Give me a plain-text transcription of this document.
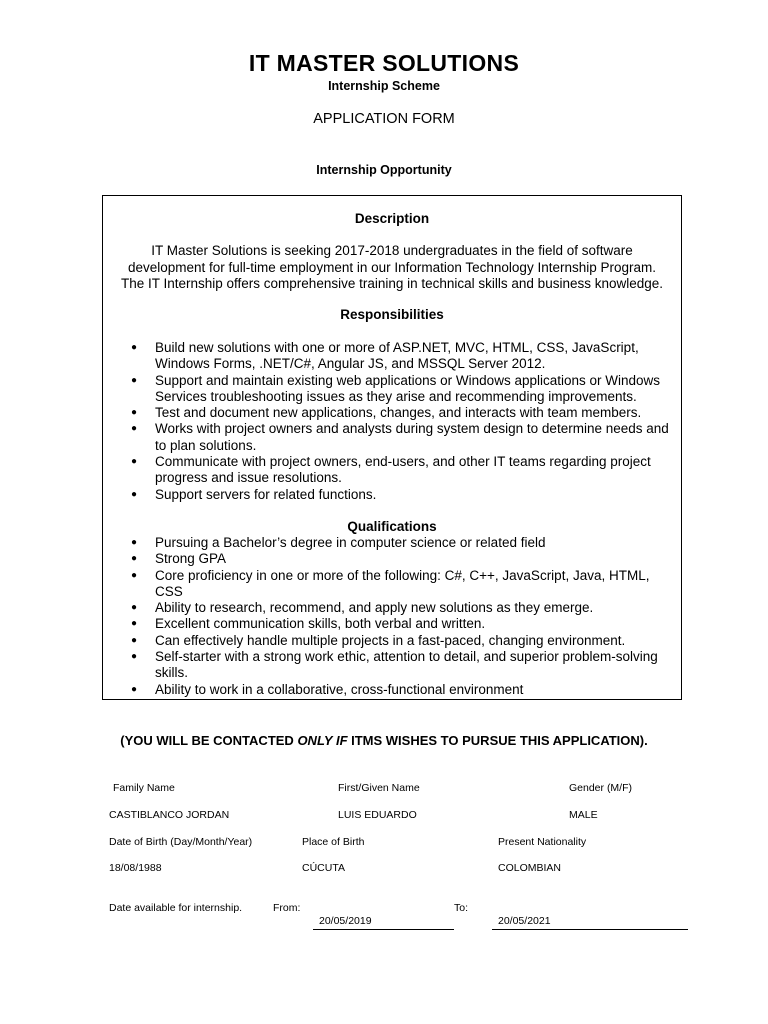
IT MASTER SOLUTIONS
Internship Scheme
APPLICATION FORM
Internship Opportunity
Description
IT Master Solutions is seeking 2017-2018 undergraduates in the field of software
development for full-time employment in our Information Technology Internship Program.
The IT Internship offers comprehensive training in technical skills and business knowledge.
Responsibilities
● Build new solutions with one or more of ASP.NET, MVC, HTML, CSS, JavaScript, Windows Forms, .NET/C#, Angular JS, and MSSQL Server 2012.
● Support and maintain existing web applications or Windows applications or Windows Services troubleshooting issues as they arise and recommending improvements.
● Test and document new applications, changes, and interacts with team members.
● Works with project owners and analysts during system design to determine needs and to plan solutions.
● Communicate with project owners, end-users, and other IT teams regarding project progress and issue resolutions.
● Support servers for related functions.
Qualifications
● Pursuing a Bachelor’s degree in computer science or related field
● Strong GPA
● Core proficiency in one or more of the following: C#, C++, JavaScript, Java, HTML, CSS
● Ability to research, recommend, and apply new solutions as they emerge.
● Excellent communication skills, both verbal and written.
● Can effectively handle multiple projects in a fast-paced, changing environment.
● Self-starter with a strong work ethic, attention to detail, and superior problem-solving skills.
● Ability to work in a collaborative, cross-functional environment
(YOU WILL BE CONTACTED ONLY IF ITMS WISHES TO PURSUE THIS APPLICATION).
Family Name	First/Given Name	Gender (M/F)
CASTIBLANCO JORDAN	LUIS EDUARDO	MALE
Date of Birth (Day/Month/Year)	Place of Birth	Present Nationality
18/08/1988	CÚCUTA	COLOMBIAN
Date available for internship.	From:
20/05/2019
To:
20/05/2021
